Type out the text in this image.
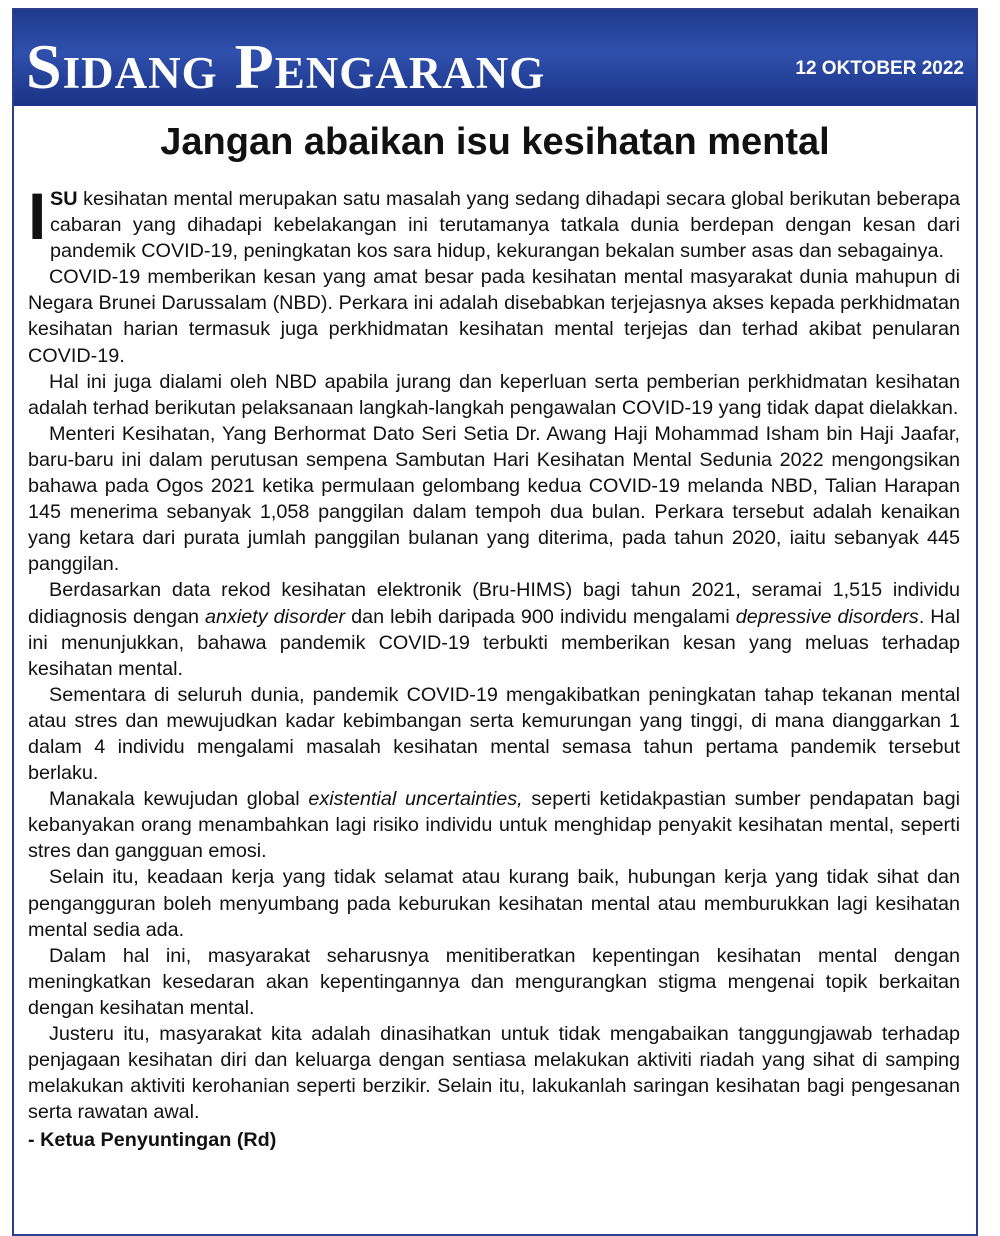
Sidang Pengarang	12 OKTOBER 2022
Jangan abaikan isu kesihatan mental

ISU kesihatan mental merupakan satu masalah yang sedang dihadapi secara global berikutan beberapa cabaran yang dihadapi kebelakangan ini terutamanya tatkala dunia berdepan dengan kesan dari pandemik COVID-19, peningkatan kos sara hidup, kekurangan bekalan sumber asas dan sebagainya.

COVID-19 memberikan kesan yang amat besar pada kesihatan mental masyarakat dunia mahupun di Negara Brunei Darussalam (NBD). Perkara ini adalah disebabkan terjejasnya akses kepada perkhidmatan kesihatan harian termasuk juga perkhidmatan kesihatan mental terjejas dan terhad akibat penularan COVID-19.

Hal ini juga dialami oleh NBD apabila jurang dan keperluan serta pemberian perkhidmatan kesihatan adalah terhad berikutan pelaksanaan langkah-langkah pengawalan COVID-19 yang tidak dapat dielakkan.

Menteri Kesihatan, Yang Berhormat Dato Seri Setia Dr. Awang Haji Mohammad Isham bin Haji Jaafar, baru-baru ini dalam perutusan sempena Sambutan Hari Kesihatan Mental Sedunia 2022 mengongsikan bahawa pada Ogos 2021 ketika permulaan gelombang kedua COVID-19 melanda NBD, Talian Harapan 145 menerima sebanyak 1,058 panggilan dalam tempoh dua bulan. Perkara tersebut adalah kenaikan yang ketara dari purata jumlah panggilan bulanan yang diterima, pada tahun 2020, iaitu sebanyak 445 panggilan.

Berdasarkan data rekod kesihatan elektronik (Bru-HIMS) bagi tahun 2021, seramai 1,515 individu didiagnosis dengan anxiety disorder dan lebih daripada 900 individu mengalami depressive disorders. Hal ini menunjukkan, bahawa pandemik COVID-19 terbukti memberikan kesan yang meluas terhadap kesihatan mental.

Sementara di seluruh dunia, pandemik COVID-19 mengakibatkan peningkatan tahap tekanan mental atau stres dan mewujudkan kadar kebimbangan serta kemurungan yang tinggi, di mana dianggarkan 1 dalam 4 individu mengalami masalah kesihatan mental semasa tahun pertama pandemik tersebut berlaku.

Manakala kewujudan global existential uncertainties, seperti ketidakpastian sumber pendapatan bagi kebanyakan orang menambahkan lagi risiko individu untuk menghidap penyakit kesihatan mental, seperti stres dan gangguan emosi.

Selain itu, keadaan kerja yang tidak selamat atau kurang baik, hubungan kerja yang tidak sihat dan pengangguran boleh menyumbang pada keburukan kesihatan mental atau memburukkan lagi kesihatan mental sedia ada.

Dalam hal ini, masyarakat seharusnya menitiberatkan kepentingan kesihatan mental dengan meningkatkan kesedaran akan kepentingannya dan mengurangkan stigma mengenai topik berkaitan dengan kesihatan mental.

Justeru itu, masyarakat kita adalah dinasihatkan untuk tidak mengabaikan tanggungjawab terhadap penjagaan kesihatan diri dan keluarga dengan sentiasa melakukan aktiviti riadah yang sihat di samping melakukan aktiviti kerohanian seperti berzikir. Selain itu, lakukanlah saringan kesihatan bagi pengesanan serta rawatan awal.

- Ketua Penyuntingan (Rd)
